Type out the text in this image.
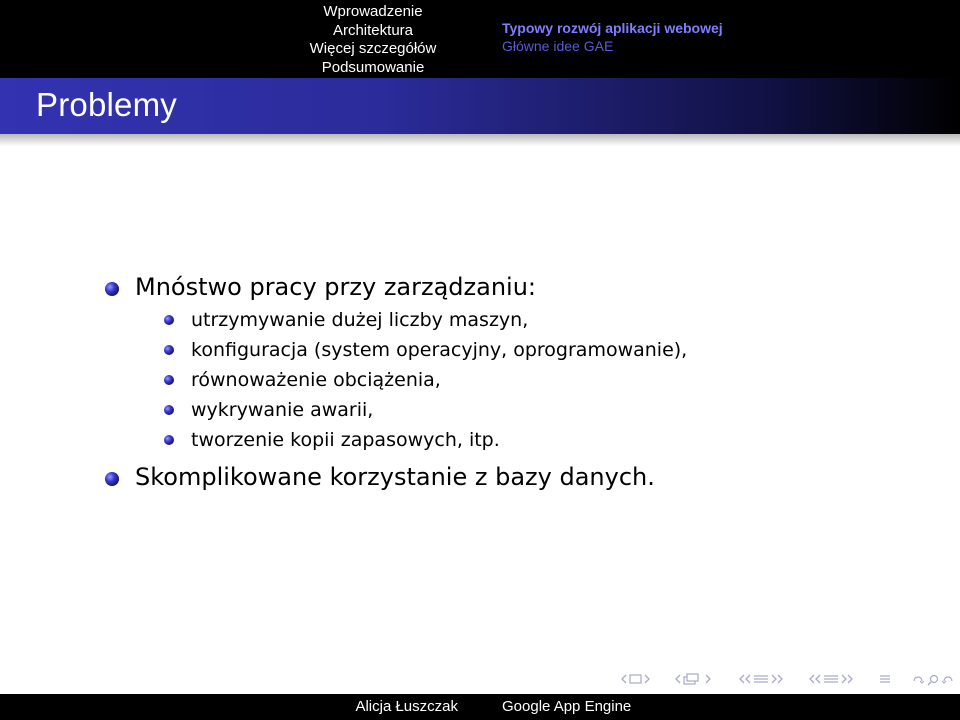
Wprowadzenie
Architektura
Więcej szczegółów
Podsumowanie
Typowy rozwój aplikacji webowej
Główne idee GAE
Problemy
Mnóstwo pracy przy zarządzaniu:
utrzymywanie dużej liczby maszyn,
konfiguracja (system operacyjny, oprogramowanie),
równoważenie obciążenia,
wykrywanie awarii,
tworzenie kopii zapasowych, itp.
Skomplikowane korzystanie z bazy danych.
Alicja Łuszczak	Google App Engine
